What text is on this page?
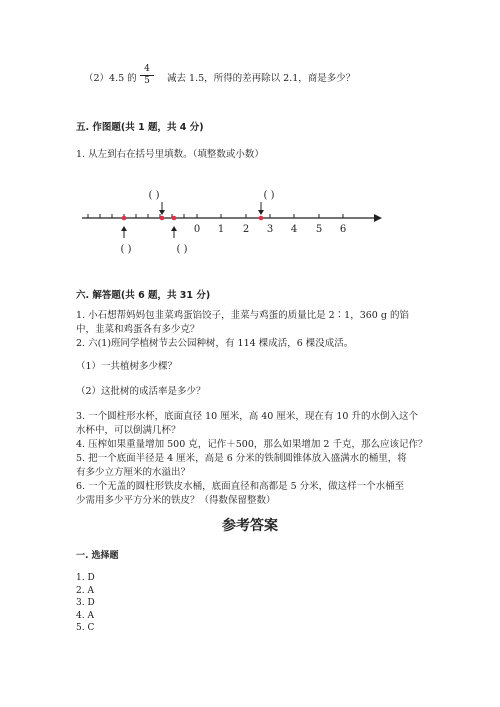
（2）4.5 的 $\frac{4}{5}$ 减去 1.5，所得的差再除以 2.1，商是多少？
五. 作图题(共 1 题，共 4 分)
1. 从左到右在括号里填数。（填整数或小数）
0 1 2 3 4 5 6
( )	( )
( )	( )
六. 解答题(共 6 题，共 31 分)
1. 小石想帮妈妈包韭菜鸡蛋馅饺子，韭菜与鸡蛋的质量比是 2∶1，360 g 的馅
中，韭菜和鸡蛋各有多少克？
2. 六(1)班同学植树节去公园种树，有 114 棵成活，6 棵没成活。
（1）一共植树多少棵？
（2）这批树的成活率是多少？
3. 一个圆柱形水杯，底面直径 10 厘米，高 40 厘米，现在有 10 升的水倒入这个
水杯中，可以倒满几杯？
4. 压榨如果重量增加 500 克，记作＋500，那么如果增加 2 千克，那么应该记作？
5. 把一个底面半径是 4 厘米，高是 6 分米的铁制圆锥体放入盛满水的桶里，将
有多少立方厘米的水溢出？
6. 一个无盖的圆柱形铁皮水桶，底面直径和高都是 5 分米，做这样一个水桶至
少需用多少平方分米的铁皮？（得数保留整数）
参考答案
一. 选择题
1. D
2. A
3. D
4. A
5. C
